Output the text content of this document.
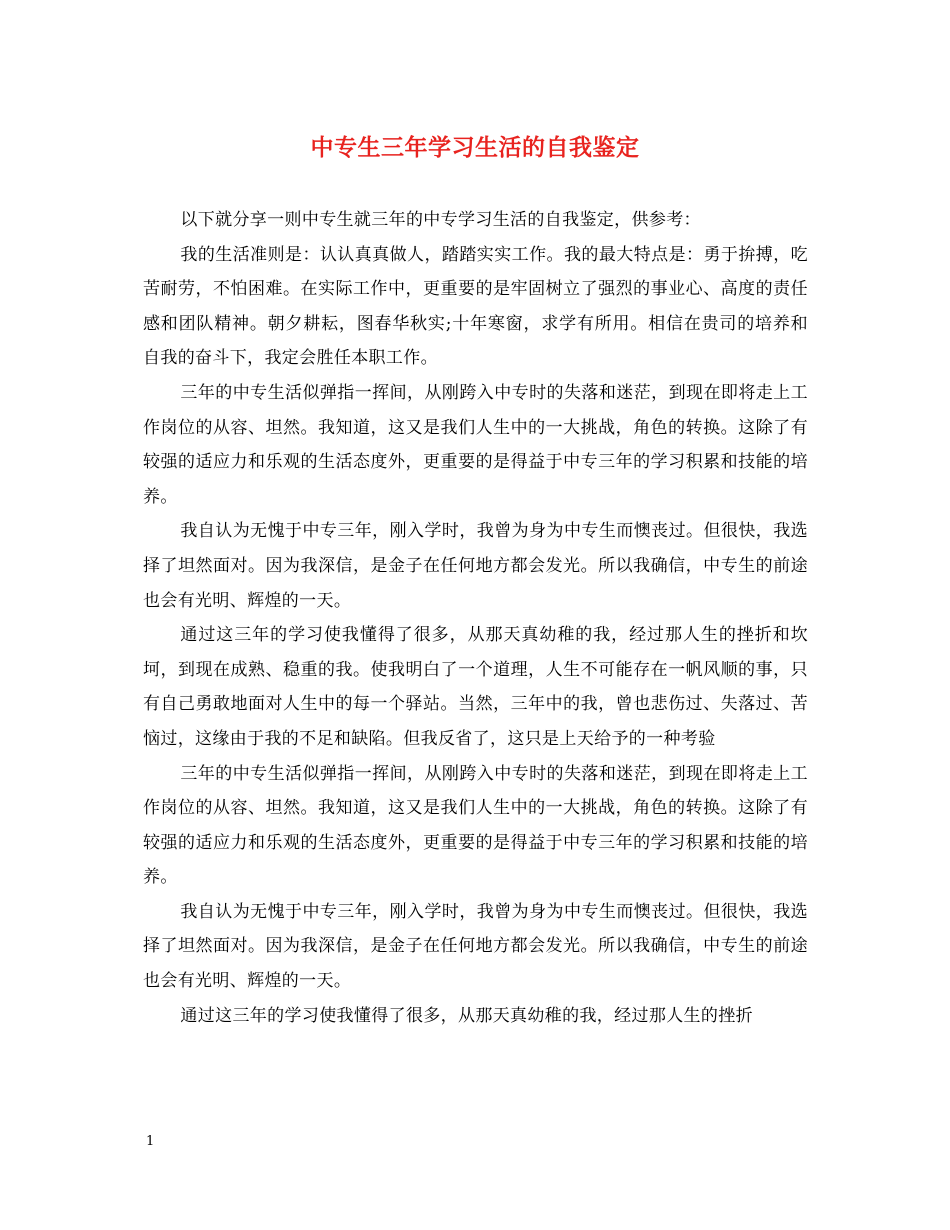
中专生三年学习生活的自我鉴定

以下就分享一则中专生就三年的中专学习生活的自我鉴定，供参考：

我的生活准则是：认认真真做人，踏踏实实工作。我的最大特点是：勇于拚搏，吃苦耐劳，不怕困难。在实际工作中，更重要的是牢固树立了强烈的事业心、高度的责任感和团队精神。朝夕耕耘，图春华秋实;十年寒窗，求学有所用。相信在贵司的培养和自我的奋斗下，我定会胜任本职工作。

三年的中专生活似弹指一挥间，从刚跨入中专时的失落和迷茫，到现在即将走上工作岗位的从容、坦然。我知道，这又是我们人生中的一大挑战，角色的转换。这除了有较强的适应力和乐观的生活态度外，更重要的是得益于中专三年的学习积累和技能的培养。

我自认为无愧于中专三年，刚入学时，我曾为身为中专生而懊丧过。但很快，我选择了坦然面对。因为我深信，是金子在任何地方都会发光。所以我确信，中专生的前途也会有光明、辉煌的一天。

通过这三年的学习使我懂得了很多，从那天真幼稚的我，经过那人生的挫折和坎坷，到现在成熟、稳重的我。使我明白了一个道理，人生不可能存在一帆风顺的事，只有自己勇敢地面对人生中的每一个驿站。当然，三年中的我，曾也悲伤过、失落过、苦恼过，这缘由于我的不足和缺陷。但我反省了，这只是上天给予的一种考验

三年的中专生活似弹指一挥间，从刚跨入中专时的失落和迷茫，到现在即将走上工作岗位的从容、坦然。我知道，这又是我们人生中的一大挑战，角色的转换。这除了有较强的适应力和乐观的生活态度外，更重要的是得益于中专三年的学习积累和技能的培养。

我自认为无愧于中专三年，刚入学时，我曾为身为中专生而懊丧过。但很快，我选择了坦然面对。因为我深信，是金子在任何地方都会发光。所以我确信，中专生的前途也会有光明、辉煌的一天。

通过这三年的学习使我懂得了很多，从那天真幼稚的我，经过那人生的挫折

1
